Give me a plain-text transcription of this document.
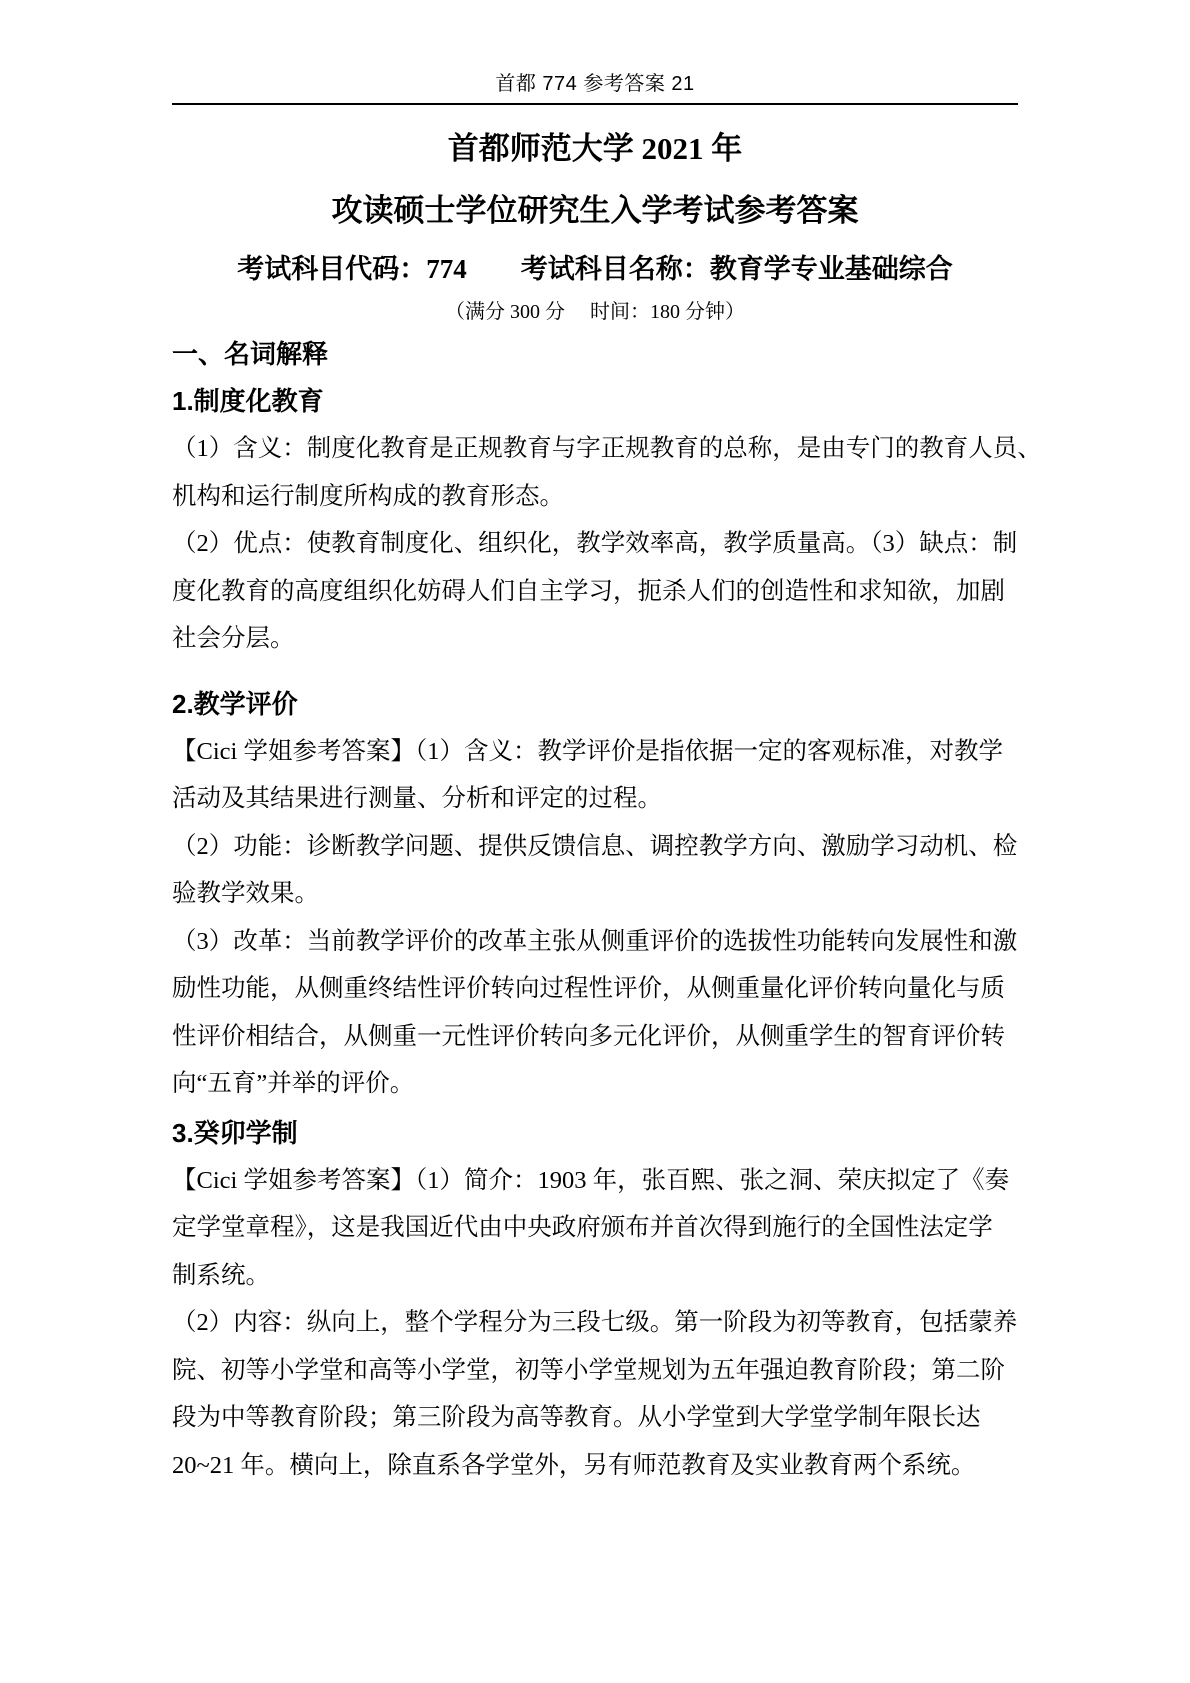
首都 774 参考答案 21
首都师范大学 2021 年
攻读硕士学位研究生入学考试参考答案
考试科目代码：774　　考试科目名称：教育学专业基础综合
（满分 300 分　 时间：180 分钟）
一、名词解释
1.制度化教育
（1）含义：制度化教育是正规教育与字正规教育的总称，是由专门的教育人员、
机构和运行制度所构成的教育形态。
（2）优点：使教育制度化、组织化，教学效率高，教学质量高。（3）缺点：制
度化教育的高度组织化妨碍人们自主学习，扼杀人们的创造性和求知欲，加剧
社会分层。
2.教学评价
【Cici 学姐参考答案】（1）含义：教学评价是指依据一定的客观标准，对教学
活动及其结果进行测量、分析和评定的过程。
（2）功能：诊断教学问题、提供反馈信息、调控教学方向、激励学习动机、检
验教学效果。
（3）改革：当前教学评价的改革主张从侧重评价的选拔性功能转向发展性和激
励性功能，从侧重终结性评价转向过程性评价，从侧重量化评价转向量化与质
性评价相结合，从侧重一元性评价转向多元化评价，从侧重学生的智育评价转
向“五育”并举的评价。
3.癸卯学制
【Cici 学姐参考答案】（1）简介：1903 年，张百熙、张之洞、荣庆拟定了《奏
定学堂章程》，这是我国近代由中央政府颁布并首次得到施行的全国性法定学
制系统。
（2）内容：纵向上，整个学程分为三段七级。第一阶段为初等教育，包括蒙养
院、初等小学堂和高等小学堂，初等小学堂规划为五年强迫教育阶段；第二阶
段为中等教育阶段；第三阶段为高等教育。从小学堂到大学堂学制年限长达
20~21 年。横向上，除直系各学堂外，另有师范教育及实业教育两个系统。
